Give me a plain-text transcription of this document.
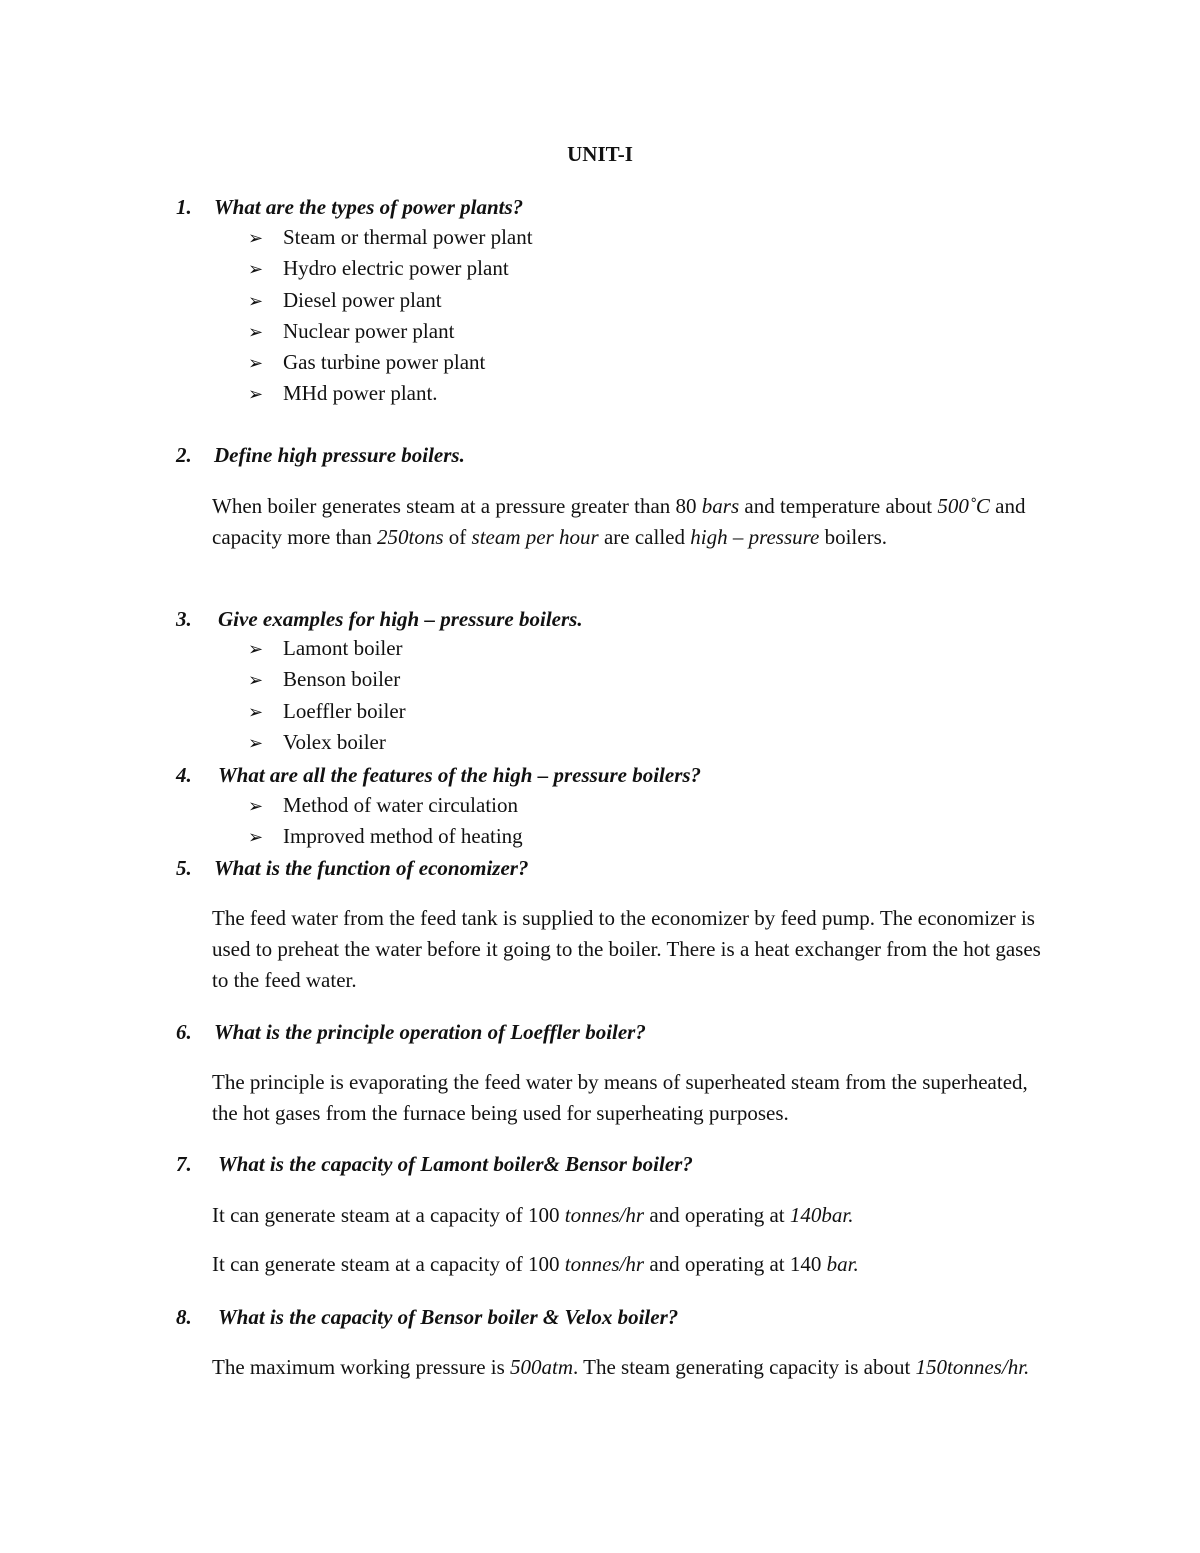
UNIT-I
1. What are the types of power plants?
➢ Steam or thermal power plant
➢ Hydro electric power plant
➢ Diesel power plant
➢ Nuclear power plant
➢ Gas turbine power plant
➢ MHd power plant.
2. Define high pressure boilers.

When boiler generates steam at a pressure greater than 80 bars and temperature about 500˚C and capacity more than 250tons of steam per hour are called high – pressure boilers.

3. Give examples for high – pressure boilers.
➢ Lamont boiler
➢ Benson boiler
➢ Loeffler boiler
➢ Volex boiler
4. What are all the features of the high – pressure boilers?
➢ Method of water circulation
➢ Improved method of heating
5. What is the function of economizer?

The feed water from the feed tank is supplied to the economizer by feed pump. The economizer is used to preheat the water before it going to the boiler. There is a heat exchanger from the hot gases to the feed water.

6. What is the principle operation of Loeffler boiler?

The principle is evaporating the feed water by means of superheated steam from the superheated, the hot gases from the furnace being used for superheating purposes.

7. What is the capacity of Lamont boiler& Bensor boiler?

It can generate steam at a capacity of 100 tonnes/hr and operating at 140bar.

It can generate steam at a capacity of 100 tonnes/hr and operating at 140 bar.

8. What is the capacity of Bensor boiler & Velox boiler?

The maximum working pressure is 500atm. The steam generating capacity is about 150tonnes/hr.
